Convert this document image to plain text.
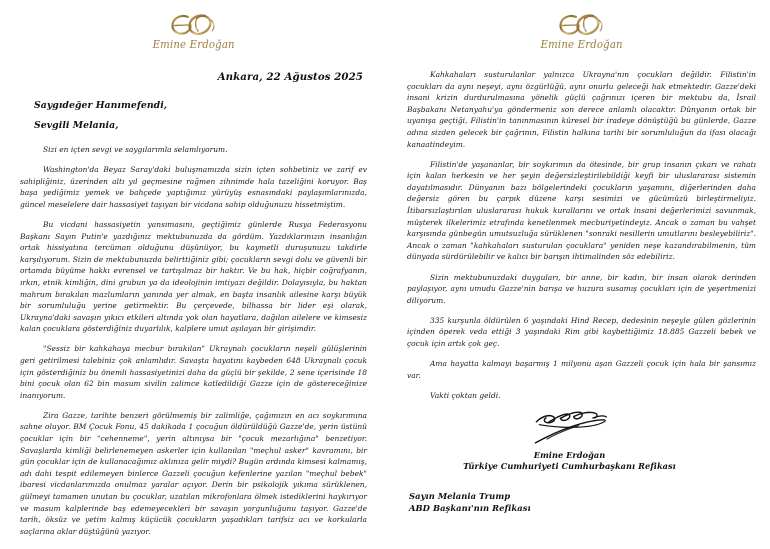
Emine Erdoğan
Ankara, 22 Ağustos 2025
Saygıdeğer Hanımefendi,
Sevgili Melania,

Sizi en içten sevgi ve saygılarımla selamlıyorum.

Washington'da Beyaz Saray'daki buluşmamızda sizin içten sohbetiniz ve zarif ev sahipliğiniz, üzerinden altı yıl geçmesine rağmen zihnimde hala tazeliğini koruyor. Baş başa yediğimiz yemek ve bahçede yaptığımız yürüyüş esnasındaki paylaşımlarınızda, güncel meselelere dair hassasiyet taşıyan bir vicdana sahip olduğunuzu hissetmiştim.

Bu vicdani hassasiyetin yansımasını, geçtiğimiz günlerde Rusya Federasyonu Başkanı Sayın Putin'e yazdığınız mektubunuzda da gördüm. Yazdıklarınızın insanlığın ortak hissiyatına tercüman olduğunu düşünüyor, bu kaymetli duruşunuzu takdirle karşılıyorum. Sizin de mektubunuzda belirttiğiniz gibi; çocukların sevgi dolu ve güvenli bir ortamda büyüme hakkı evrensel ve tartışılmaz bir haktır. Ve bu hak, hiçbir coğrafyanın, ırkın, etnik kimliğin, dini grubun ya da ideolojinin imtiyazı değildir. Dolayısıyla, bu haktan mahrum bırakılan mazlumların yanında yer almak, en başta insanlık ailesine karşı büyük bir sorumluluğu yerine getirmektir. Bu çerçevede, bilhassa bir lider eşi olarak, Ukrayna'daki savaşın yıkıcı etkileri altında yok olan hayatlara, dağılan ailelere ve kimsesiz kalan çocuklara gösterdiğiniz duyarlılık, kalplere umut aşılayan bir girişimdir.

"Sessiz bir kahkahaya mecbur bırakılan" Ukraynalı çocukların neşeli gülüşlerinin geri getirilmesi talebiniz çok anlamlıdır. Savaşta hayatını kaybeden 648 Ukraynalı çocuk için gösterdiğiniz bu önemli hassasiyetinizi daha da güçlü bir şekilde, 2 sene içerisinde 18 bini çocuk olan 62 bin masum sivilin zalimce katledildiği Gazze için de göstereceğinize inanıyorum.

Zira Gazze, tarihte benzeri görülmemiş bir zalimliğe, çağımızın en acı soykırımına sahne oluyor. BM Çocuk Fonu, 45 dakikada 1 çocuğun öldürüldüğü Gazze'de, yerin üstünü çocuklar için bir "cehenneme", yerin altınıysa bir "çocuk mezarlığına" benzetiyor. Savaşlarda kimliği belirlenemeyen askerler için kullanılan "meçhul asker" kavramını, bir gün çocuklar için de kullanacağımız aklınıza gelir miydi? Bugün ardında kimsesi kalmamış, adı dahi tespit edilemeyen binlerce Gazzeli çocuğun kefenlerine yazılan "meçhul bebek" ibaresi vicdanlarımızda onulmaz yaralar açıyor. Derin bir psikolojik yıkıma sürüklenen, gülmeyi tamamen unutan bu çocuklar, uzatılan mikrofonlara ölmek istediklerini haykırıyor ve masum kalplerinde baş edemeyecekleri bir savaşın yorgunluğunu taşıyor. Gazze'de tarih, öksüz ve yetim kalmış küçücük çocukların yaşadıkları tarifsiz acı ve korkularla saçlarına aklar düştüğünü yazıyor.

Emine Erdoğan

Kahkahaları susturulanlar yalnızca Ukrayna'nın çocukları değildir. Filistin'in çocukları da aynı neşeyi, aynı özgürlüğü, aynı onurlu geleceği hak etmektedir. Gazze'deki insani krizin durdurulmasına yönelik güçlü çağrınızı içeren bir mektubu da, İsrail Başbakanı Netanyahu'ya göndermeniz son derece anlamlı olacaktır. Dünyanın ortak bir uyanışa geçtiği, Filistin'in tanınmasının küresel bir iradeye dönüştüğü bu günlerde, Gazze adına sizden gelecek bir çağrının, Filistin halkına tarihi bir sorumluluğun da ifası olacağı kanaatindeyim.

Filistin'de yaşananlar, bir soykırımın da ötesinde, bir grup insanın çıkarı ve rahatı için kalan herkesin ve her şeyin değersizleştirilebildiği keyfi bir uluslararası sistemin dayatılmasıdır. Dünyanın bazı bölgelerindeki çocukların yaşamını, diğerlerinden daha değersiz gören bu çarpık düzene karşı sesimizi ve gücümüzü birleştirmeliyiz. İtibarsızlaştırılan uluslararası hukuk kurallarını ve ortak insani değerlerimizi savunmak, müşterek ilkelerimiz etrafında kenetlenmek mecburiyetindeyiz. Ancak o zaman bu vahşet karşısında günbegün umutsuzluğa sürüklenen "sonraki nesillerin umutlarını besleyebiliriz". Ancak o zaman "kahkahaları susturulan çocuklara" yeniden neşe kazandırabilmenin, tüm dünyada sürdürülebilir ve kalıcı bir barışın ihtimalinden söz edebiliriz.

Sizin mektubunuzdaki duyguları, bir anne, bir kadın, bir insan olarak derinden paylaşıyor, aynı umudu Gazze'nin barışa ve huzura susamış çocukları için de yeşertmenizi diliyorum.

335 kurşunla öldürülen 6 yaşındaki Hind Recep, dedesinin neşeyle gülen gözlerinin içinden öperek veda ettiği 3 yaşındaki Rim gibi kaybettiğimiz 18.885 Gazzeli bebek ve çocuk için artık çok geç.

Ama hayatta kalmayı başarmış 1 milyonu aşan Gazzeli çocuk için hala bir şansımız var.

Vakti çoktan geldi.

Emine Erdoğan
Türkiye Cumhuriyeti Cumhurbaşkanı Refikası
Sayın Melania Trump
ABD Başkanı'nın Refikası
